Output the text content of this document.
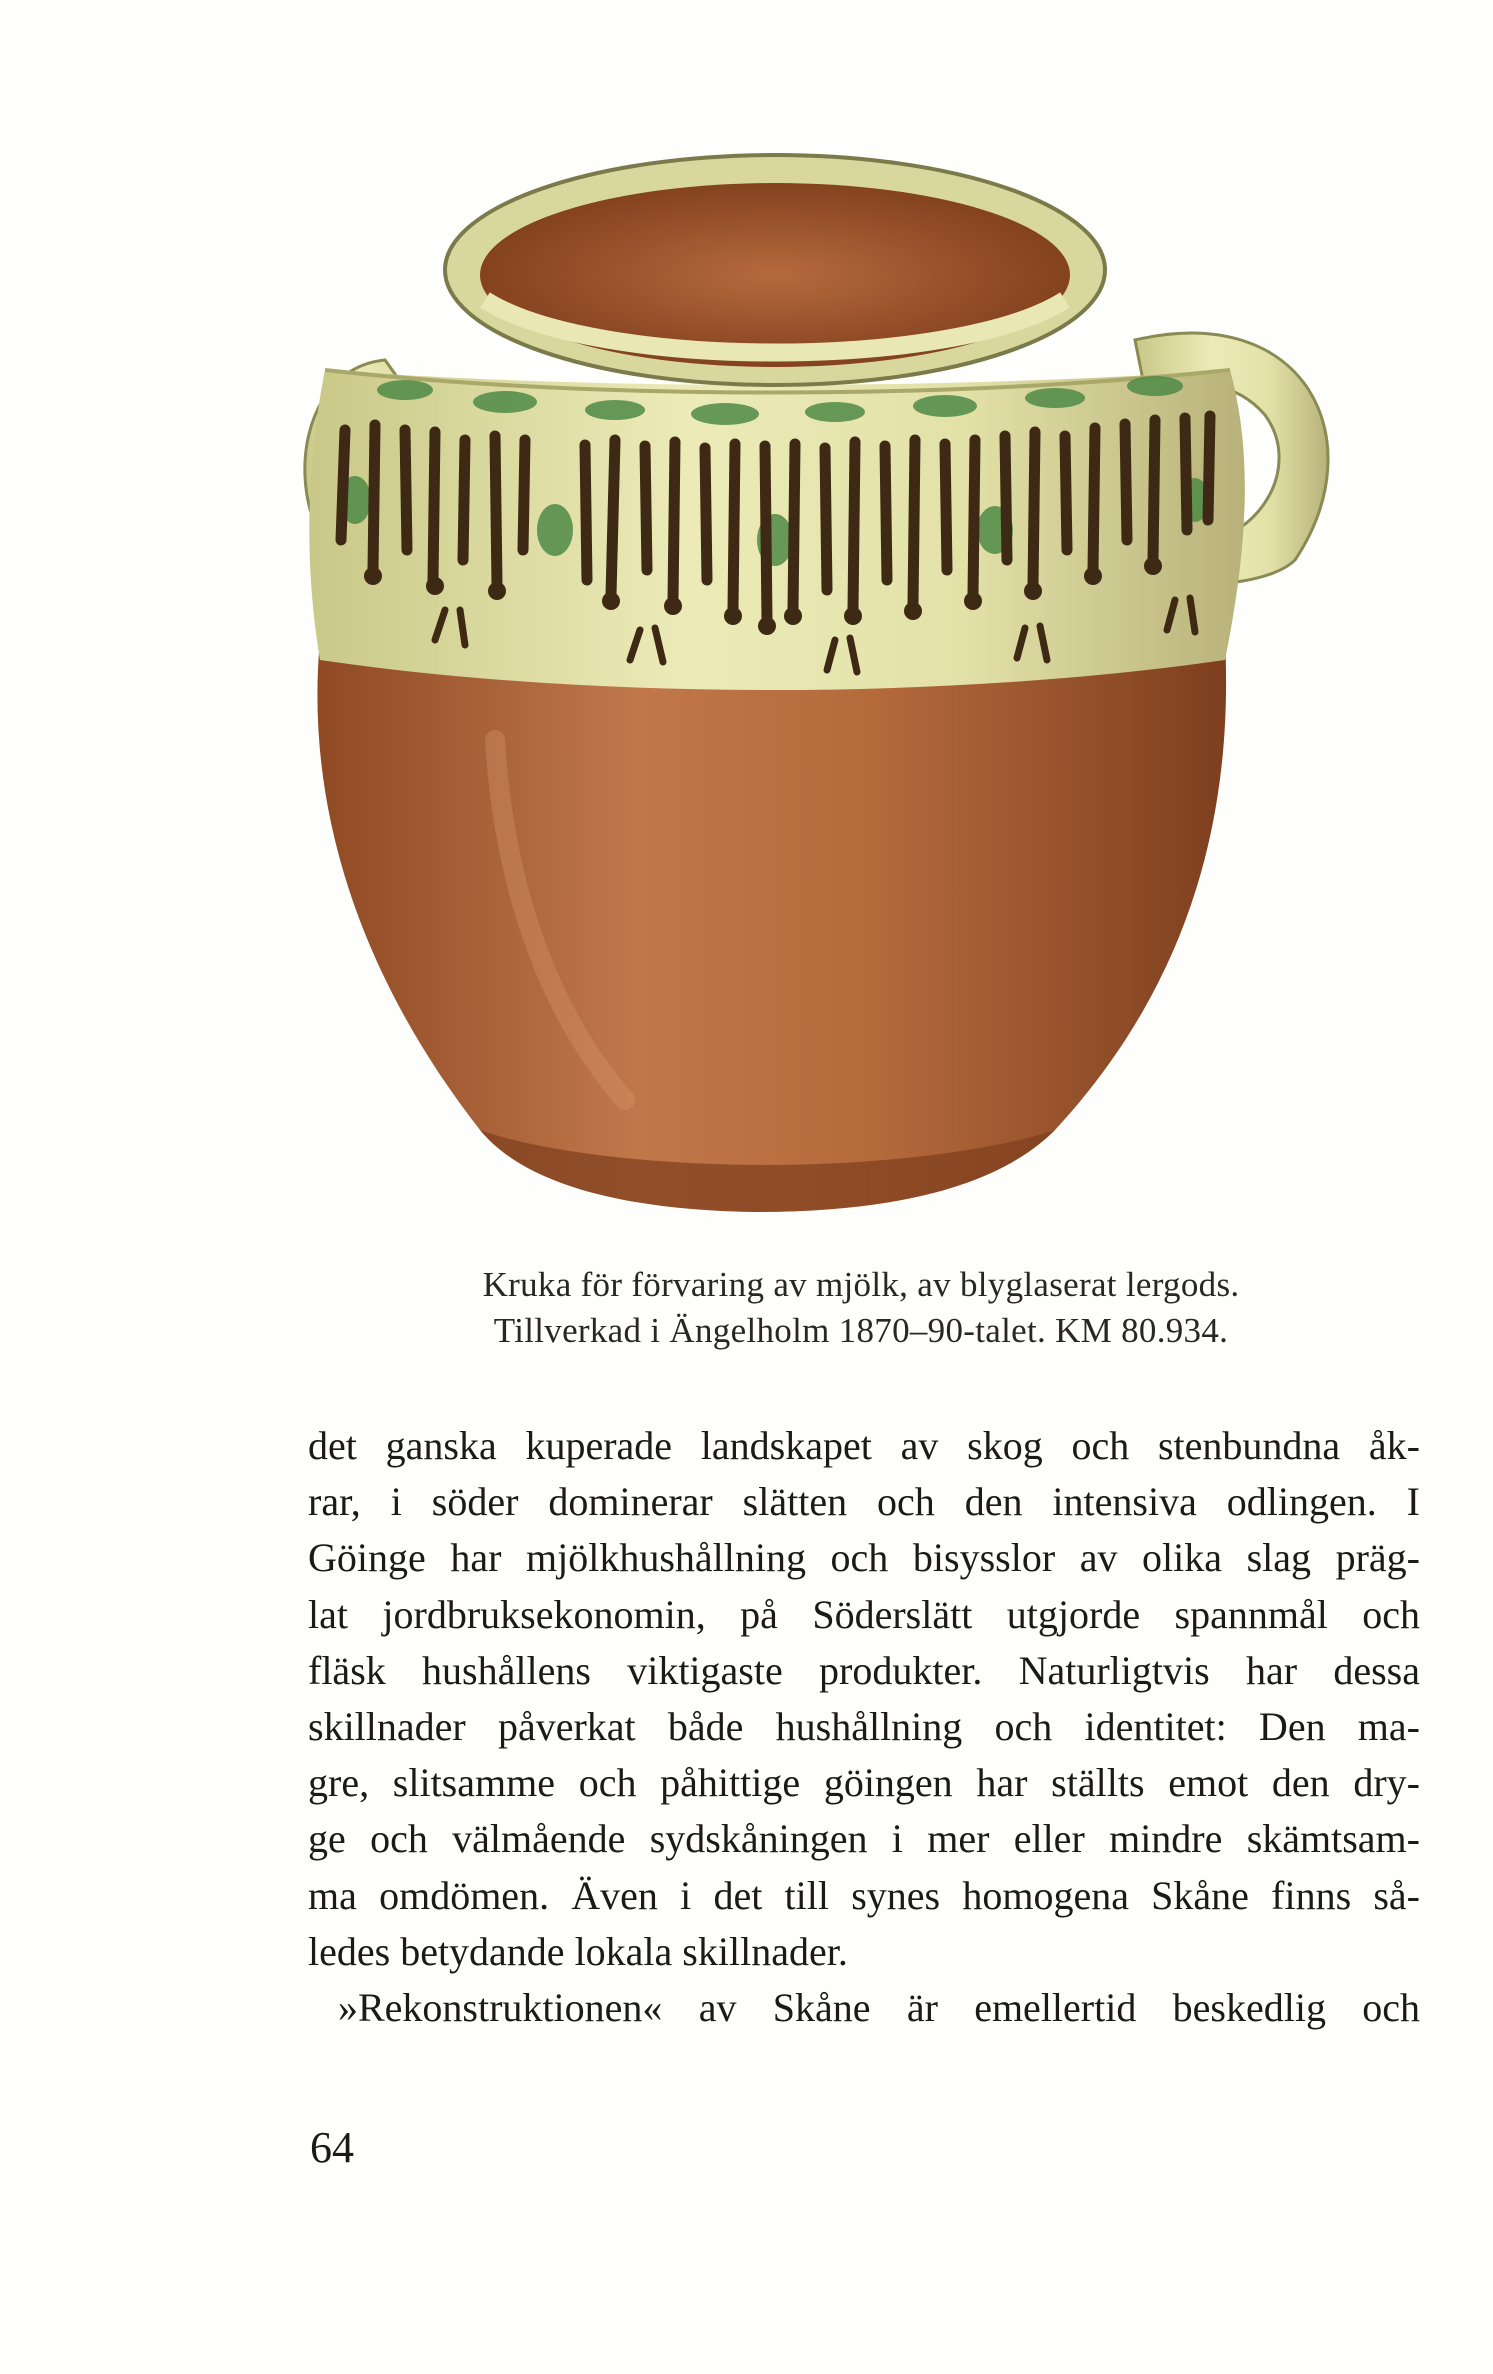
Kruka för förvaring av mjölk, av blyglaserat lergods.
Tillverkad i Ängelholm 1870–90-talet. KM 80.934.
det ganska kuperade landskapet av skog och stenbundna åk-
rar, i söder dominerar slätten och den intensiva odlingen. I
Göinge har mjölkhushållning och bisysslor av olika slag präg-
lat jordbruksekonomin, på Söderslätt utgjorde spannmål och
fläsk hushållens viktigaste produkter. Naturligtvis har dessa
skillnader påverkat både hushållning och identitet: Den ma-
gre, slitsamme och påhittige göingen har ställts emot den dry-
ge och välmående sydskåningen i mer eller mindre skämtsam-
ma omdömen. Även i det till synes homogena Skåne finns så-
ledes betydande lokala skillnader.
»Rekonstruktionen« av Skåne är emellertid beskedlig och
64
